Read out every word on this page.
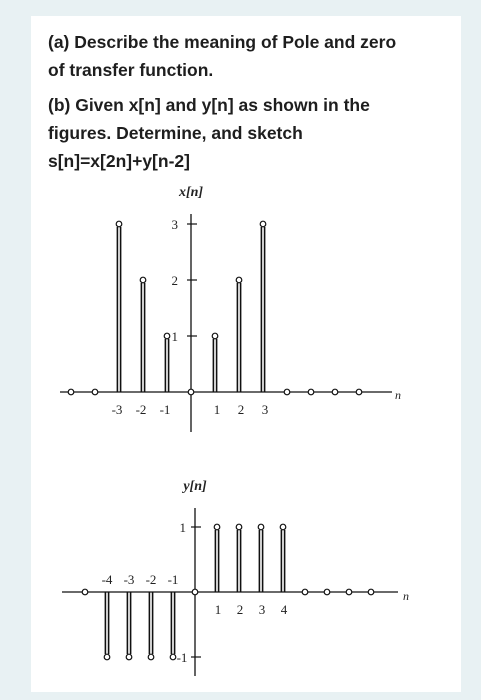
(a) Describe the meaning of Pole and zero
of transfer function.
(b) Given x[n] and y[n] as shown in the
figures. Determine, and sketch
s[n]=x[2n]+y[n-2]
x[n]
n
1
2
3
-3 -2 -1	1 2 3
y[n]
n
1
-1
-4 -3 -2 -1
1 2 3 4
